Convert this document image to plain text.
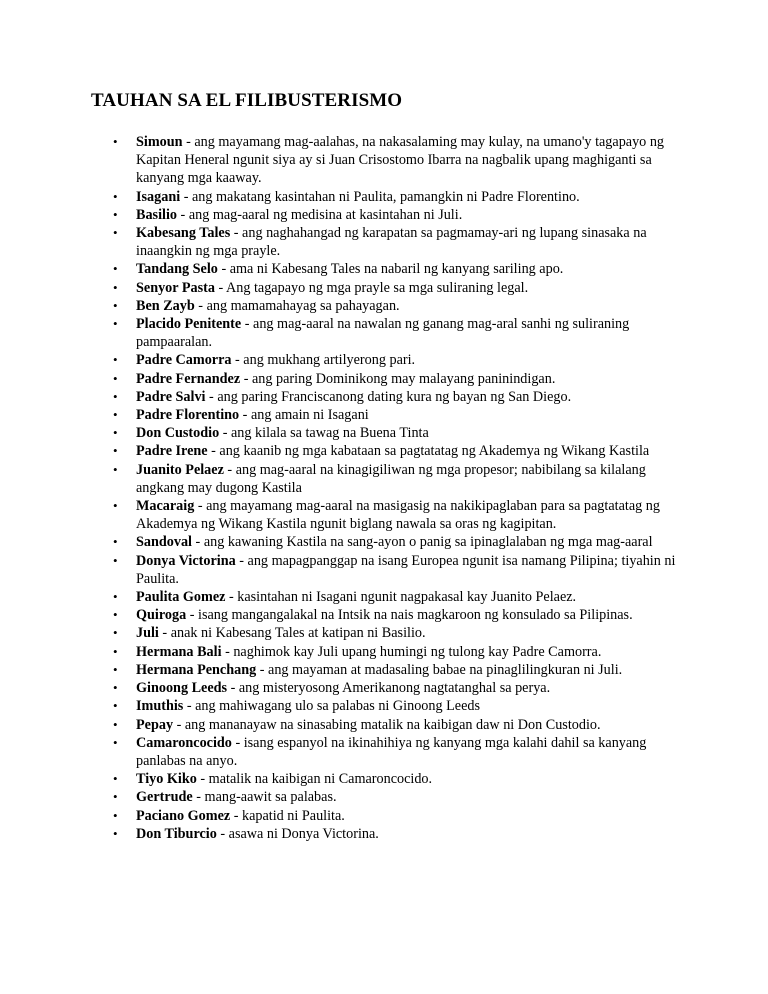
TAUHAN SA EL FILIBUSTERISMO
• Simoun - ang mayamang mag-aalahas, na nakasalaming may kulay, na umano'y tagapayo ng Kapitan Heneral ngunit siya ay si Juan Crisostomo Ibarra na nagbalik upang maghiganti sa kanyang mga kaaway.
• Isagani - ang makatang kasintahan ni Paulita, pamangkin ni Padre Florentino.
• Basilio - ang mag-aaral ng medisina at kasintahan ni Juli.
• Kabesang Tales - ang naghahangad ng karapatan sa pagmamay-ari ng lupang sinasaka na inaangkin ng mga prayle.
• Tandang Selo - ama ni Kabesang Tales na nabaril ng kanyang sariling apo.
• Senyor Pasta - Ang tagapayo ng mga prayle sa mga suliraning legal.
• Ben Zayb - ang mamamahayag sa pahayagan.
• Placido Penitente - ang mag-aaral na nawalan ng ganang mag-aral sanhi ng suliraning pampaaralan.
• Padre Camorra - ang mukhang artilyerong pari.
• Padre Fernandez - ang paring Dominikong may malayang paninindigan.
• Padre Salvi - ang paring Franciscanong dating kura ng bayan ng San Diego.
• Padre Florentino - ang amain ni Isagani
• Don Custodio - ang kilala sa tawag na Buena Tinta
• Padre Irene - ang kaanib ng mga kabataan sa pagtatatag ng Akademya ng Wikang Kastila
• Juanito Pelaez - ang mag-aaral na kinagigiliwan ng mga propesor; nabibilang sa kilalang angkang may dugong Kastila
• Macaraig - ang mayamang mag-aaral na masigasig na nakikipaglaban para sa pagtatatag ng Akademya ng Wikang Kastila ngunit biglang nawala sa oras ng kagipitan.
• Sandoval - ang kawaning Kastila na sang-ayon o panig sa ipinaglalaban ng mga mag-aaral
• Donya Victorina - ang mapagpanggap na isang Europea ngunit isa namang Pilipina; tiyahin ni Paulita.
• Paulita Gomez - kasintahan ni Isagani ngunit nagpakasal kay Juanito Pelaez.
• Quiroga - isang mangangalakal na Intsik na nais magkaroon ng konsulado sa Pilipinas.
• Juli - anak ni Kabesang Tales at katipan ni Basilio.
• Hermana Bali - naghimok kay Juli upang humingi ng tulong kay Padre Camorra.
• Hermana Penchang - ang mayaman at madasaling babae na pinaglilingkuran ni Juli.
• Ginoong Leeds - ang misteryosong Amerikanong nagtatanghal sa perya.
• Imuthis - ang mahiwagang ulo sa palabas ni Ginoong Leeds
• Pepay - ang mananayaw na sinasabing matalik na kaibigan daw ni Don Custodio.
• Camaroncocido - isang espanyol na ikinahihiya ng kanyang mga kalahi dahil sa kanyang panlabas na anyo.
• Tiyo Kiko - matalik na kaibigan ni Camaroncocido.
• Gertrude - mang-aawit sa palabas.
• Paciano Gomez - kapatid ni Paulita.
• Don Tiburcio - asawa ni Donya Victorina.
